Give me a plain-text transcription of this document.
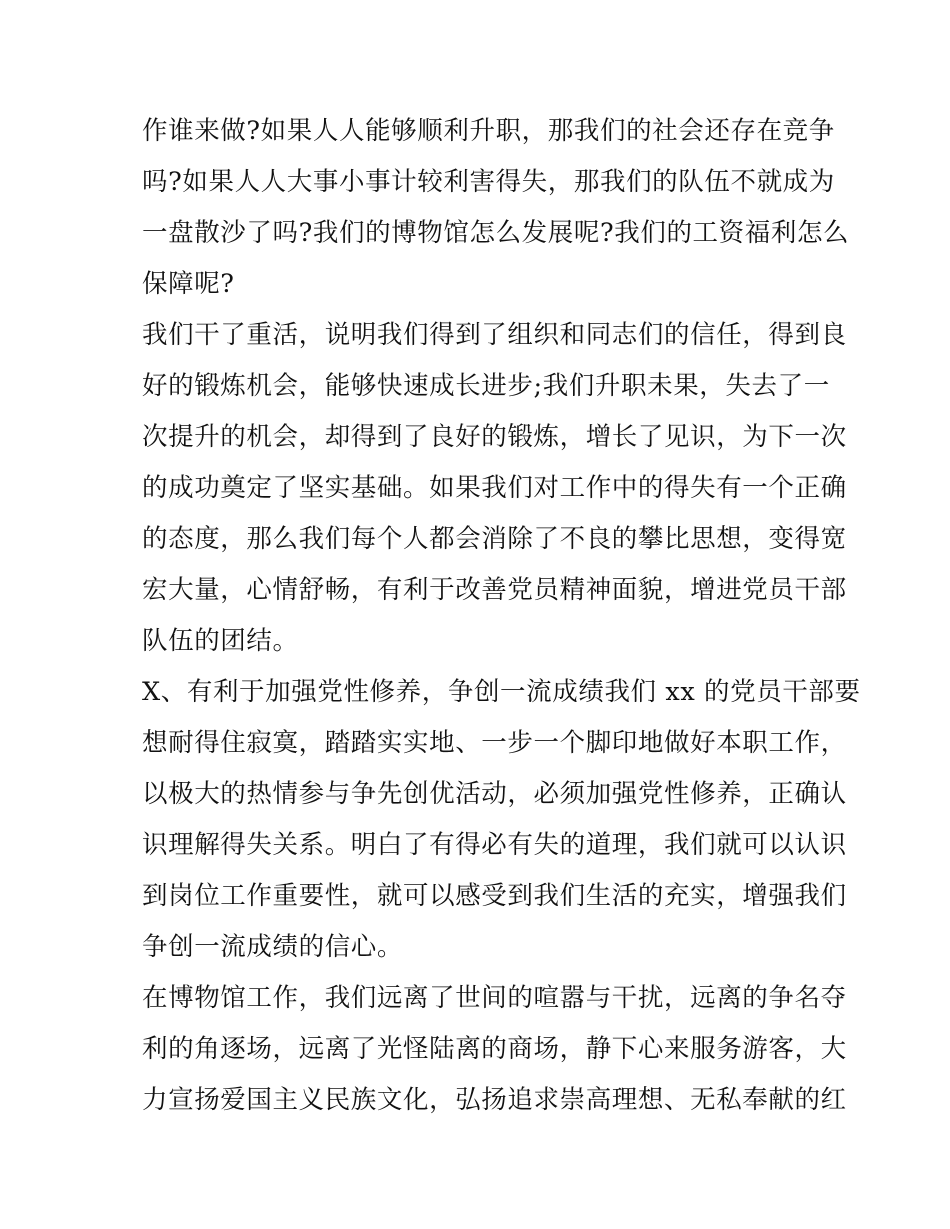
作谁来做?如果人人能够顺利升职，那我们的社会还存在竞争
吗?如果人人大事小事计较利害得失，那我们的队伍不就成为
一盘散沙了吗?我们的博物馆怎么发展呢?我们的工资福利怎么
保障呢?
我们干了重活，说明我们得到了组织和同志们的信任，得到良
好的锻炼机会，能够快速成长进步;我们升职未果，失去了一
次提升的机会，却得到了良好的锻炼，增长了见识，为下一次
的成功奠定了坚实基础。如果我们对工作中的得失有一个正确
的态度，那么我们每个人都会消除了不良的攀比思想，变得宽
宏大量，心情舒畅，有利于改善党员精神面貌，增进党员干部
队伍的团结。
X、有利于加强党性修养，争创一流成绩我们 xx 的党员干部要
想耐得住寂寞，踏踏实实地、一步一个脚印地做好本职工作，
以极大的热情参与争先创优活动，必须加强党性修养，正确认
识理解得失关系。明白了有得必有失的道理，我们就可以认识
到岗位工作重要性，就可以感受到我们生活的充实，增强我们
争创一流成绩的信心。
在博物馆工作，我们远离了世间的喧嚣与干扰，远离的争名夺
利的角逐场，远离了光怪陆离的商场，静下心来服务游客，大
力宣扬爱国主义民族文化，弘扬追求崇高理想、无私奉献的红
